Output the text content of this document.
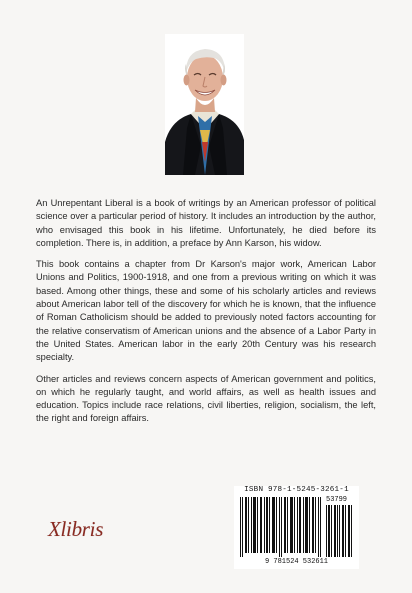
An Unrepentant Liberal is a book of writings by an American professor of political science over a particular period of history. It includes an introduction by the author, who envisaged this book in his lifetime. Unfortunately, he died before its completion. There is, in addition, a preface by Ann Karson, his widow.

This book contains a chapter from Dr Karson's major work, American Labor Unions and Politics, 1900-1918, and one from a previous writing on which it was based. Among other things, these and some of his scholarly articles and reviews about American labor tell of the discovery for which he is known, that the influence of Roman Catholicism should be added to previously noted factors accounting for the relative conservatism of American unions and the absence of a Labor Party in the United States. American labor in the early 20th Century was his research specialty.

Other articles and reviews concern aspects of American government and politics, on which he regularly taught, and world affairs, as well as health issues and education. Topics include race relations, civil liberties, religion, socialism, the left, the right and foreign affairs.

Xlibris
ISBN 978-1-5245-3261-1
53799
9 781524 532611
